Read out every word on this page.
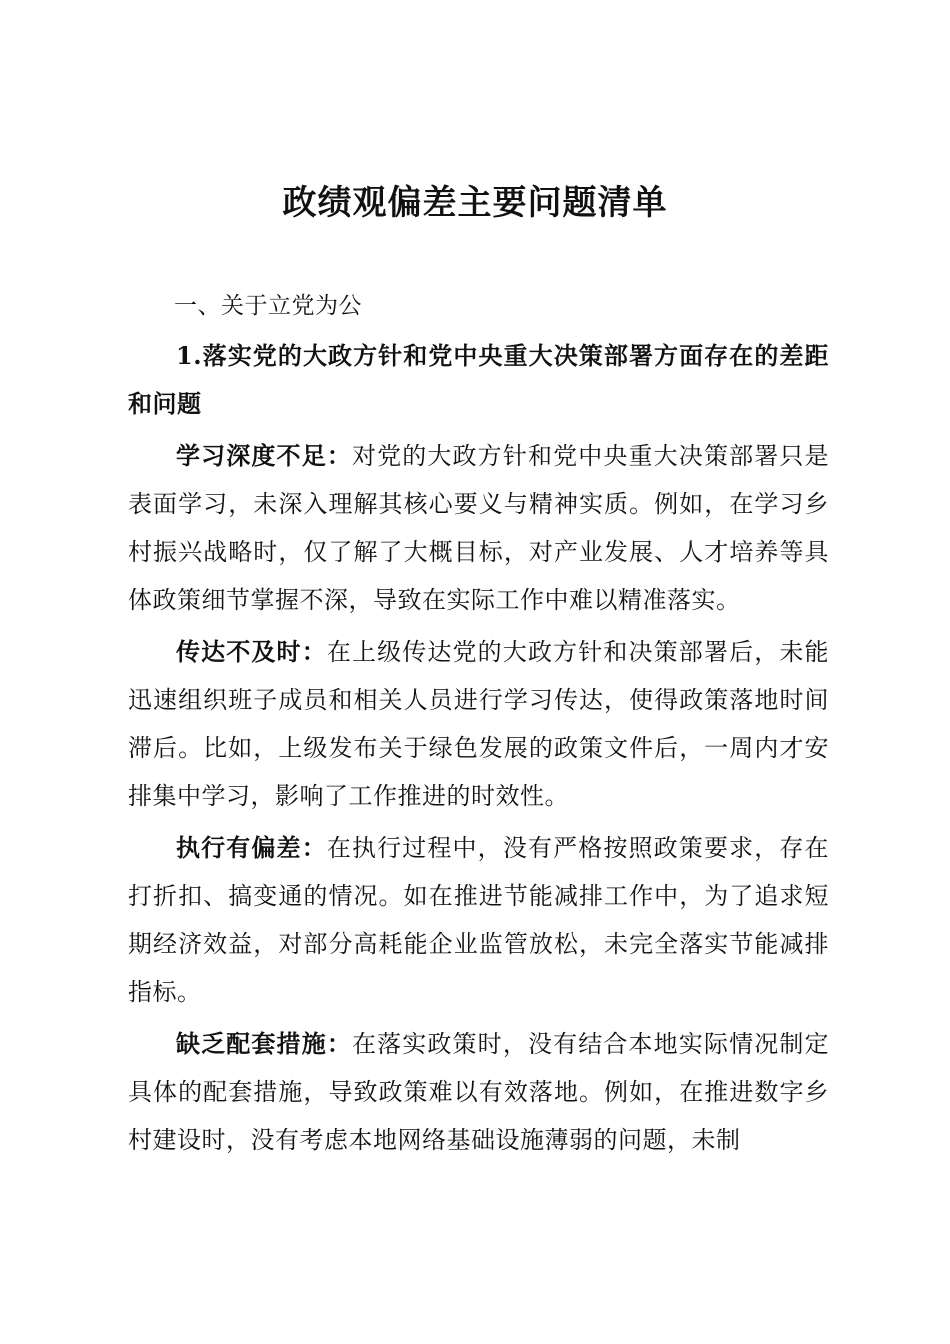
政绩观偏差主要问题清单

一、关于立党为公

1.落实党的大政方针和党中央重大决策部署方面存在的差距和问题

学习深度不足：对党的大政方针和党中央重大决策部署只是表面学习，未深入理解其核心要义与精神实质。例如，在学习乡村振兴战略时，仅了解了大概目标，对产业发展、人才培养等具体政策细节掌握不深，导致在实际工作中难以精准落实。

传达不及时：在上级传达党的大政方针和决策部署后，未能迅速组织班子成员和相关人员进行学习传达，使得政策落地时间滞后。比如，上级发布关于绿色发展的政策文件后，一周内才安排集中学习，影响了工作推进的时效性。

执行有偏差：在执行过程中，没有严格按照政策要求，存在打折扣、搞变通的情况。如在推进节能减排工作中，为了追求短期经济效益，对部分高耗能企业监管放松，未完全落实节能减排指标。

缺乏配套措施：在落实政策时，没有结合本地实际情况制定具体的配套措施，导致政策难以有效落地。例如，在推进数字乡村建设时，没有考虑本地网络基础设施薄弱的问题，未制
